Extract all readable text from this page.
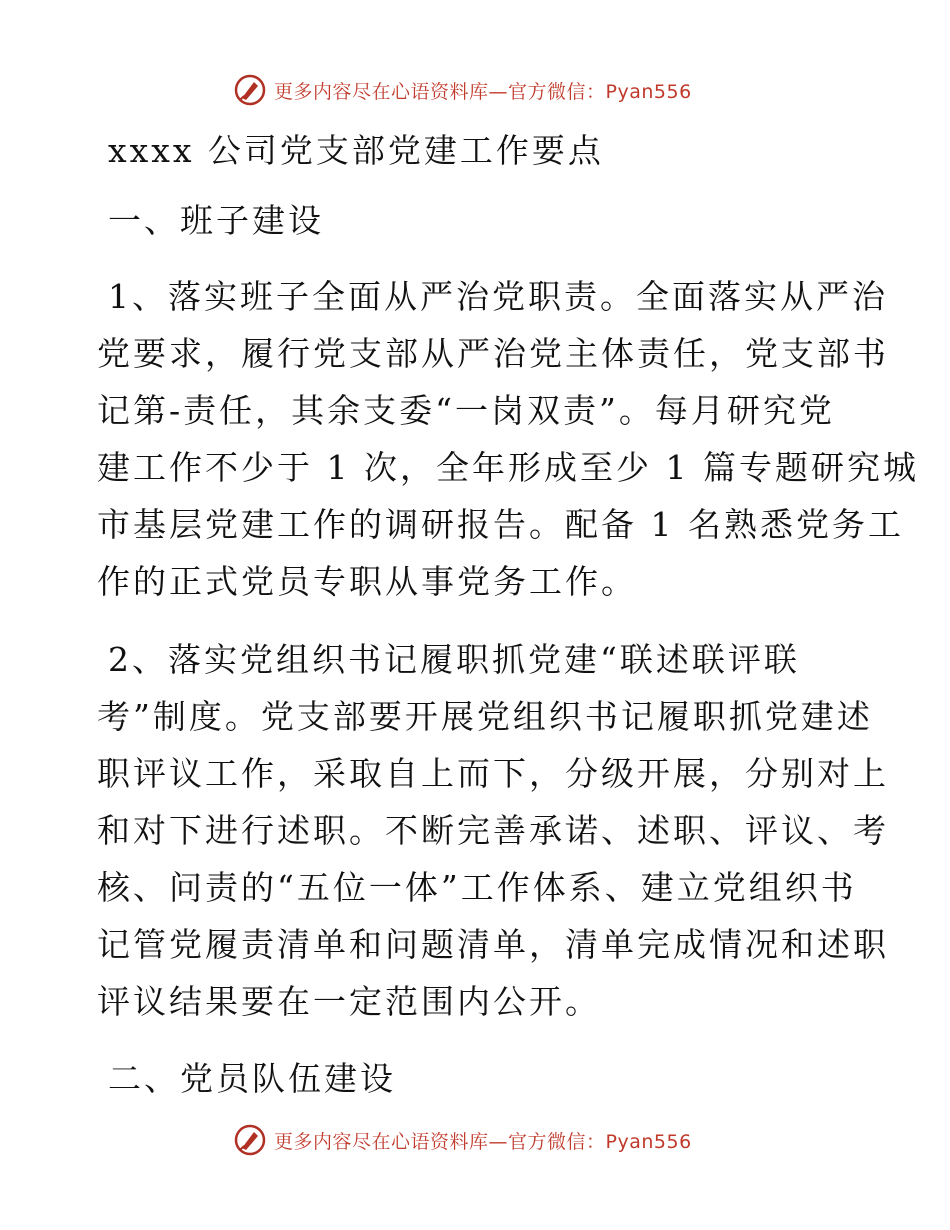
更多内容尽在心语资料库—官方微信：Pyan556
xxxx 公司党支部党建工作要点
一、班子建设
1、落实班子全面从严治党职责。全面落实从严治
党要求，履行党支部从严治党主体责任，党支部书
记第-责任，其余支委“一岗双责”。每月研究党
建工作不少于 1 次，全年形成至少 1 篇专题研究城
市基层党建工作的调研报告。配备 1 名熟悉党务工
作的正式党员专职从事党务工作。
2、落实党组织书记履职抓党建“联述联评联
考”制度。党支部要开展党组织书记履职抓党建述
职评议工作，采取自上而下，分级开展，分别对上
和对下进行述职。不断完善承诺、述职、评议、考
核、问责的“五位一体”工作体系、建立党组织书
记管党履责清单和问题清单，清单完成情况和述职
评议结果要在一定范围内公开。
二、党员队伍建设
更多内容尽在心语资料库—官方微信：Pyan556
